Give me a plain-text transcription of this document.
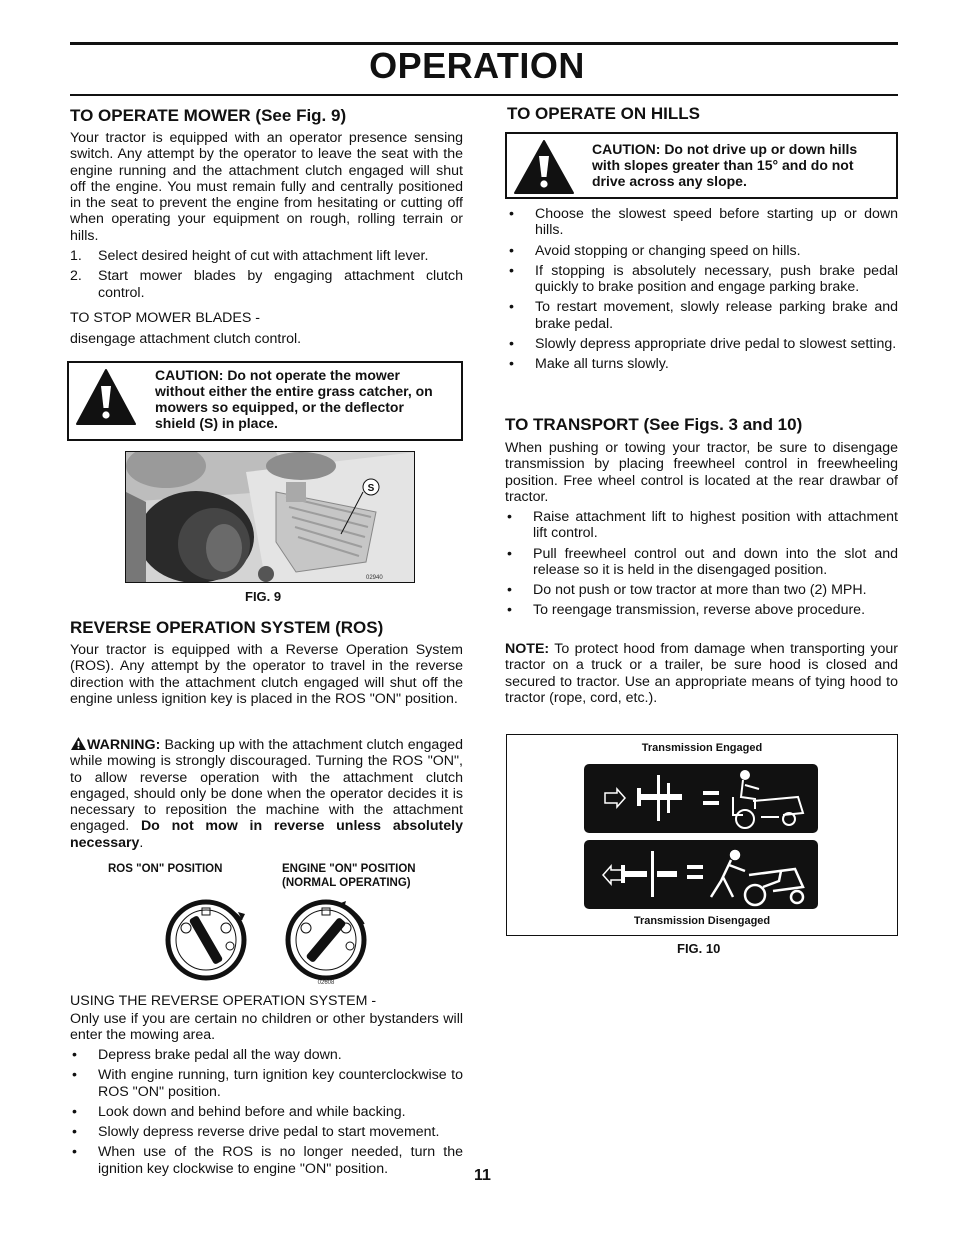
OPERATION
TO OPERATE MOWER (See Fig. 9)

Your tractor is equipped with an operator presence sensing switch. Any attempt by the operator to leave the seat with the engine running and the attachment clutch engaged will shut off the engine. You must remain fully and centrally positioned in the seat to prevent the engine from hesitating or cutting off when operating your equipment on rough, rolling terrain or hills.

1. Select desired height of cut with attachment lift lever.
2. Start mower blades by engaging attachment clutch control.

TO STOP MOWER BLADES -

disengage attachment clutch control.

CAUTION: Do not operate the mower without either the entire grass catcher, on mowers so equipped, or the deflector shield (S) in place.
S
02940
FIG. 9
REVERSE OPERATION SYSTEM (ROS)

Your tractor is equipped with a Reverse Operation System (ROS). Any attempt by the operator to travel in the reverse direction with the attachment clutch engaged will shut off the engine unless ignition key is placed in the ROS "ON" position.

WARNING: Backing up with the attachment clutch engaged while mowing is strongly discouraged. Turning the ROS "ON", to allow reverse operation with the attachment clutch engaged, should only be done when the operator decides it is necessary to reposition the machine with the attachment engaged. Do not mow in reverse unless absolutely necessary.

ROS "ON" POSITION	ENGINE "ON" POSITION
(NORMAL OPERATING)
02608

USING THE REVERSE OPERATION SYSTEM -

Only use if you are certain no children or other bystanders will enter the mowing area.

• Depress brake pedal all the way down.
• With engine running, turn ignition key counterclockwise to ROS "ON" position.
• Look down and behind before and while backing.
• Slowly depress reverse drive pedal to start movement.
• When use of the ROS is no longer needed, turn the ignition key clockwise to engine "ON" position.	11
TO OPERATE ON HILLS
CAUTION: Do not drive up or down hills with slopes greater than 15° and do not drive across any slope.
• Choose the slowest speed before starting up or down hills.
• Avoid stopping or changing speed on hills.
• If stopping is absolutely necessary, push brake pedal quickly to brake position and engage parking brake.
• To restart movement, slowly release parking brake and brake pedal.
• Slowly depress appropriate drive pedal to slowest setting.
• Make all turns slowly.
TO TRANSPORT (See Figs. 3 and 10)

When pushing or towing your tractor, be sure to disengage transmission by placing freewheel control in freewheeling position. Free wheel control is located at the rear drawbar of tractor.

• Raise attachment lift to highest position with attachment lift control.
• Pull freewheel control out and down into the slot and release so it is held in the disengaged position.
• Do not push or tow tractor at more than two (2) MPH.
• To reengage transmission, reverse above procedure.

NOTE: To protect hood from damage when transporting your tractor on a truck or a trailer, be sure hood is closed and secured to tractor. Use an appropriate means of tying hood to tractor (rope, cord, etc.).

Transmission Engaged
Transmission Disengaged
FIG. 10
